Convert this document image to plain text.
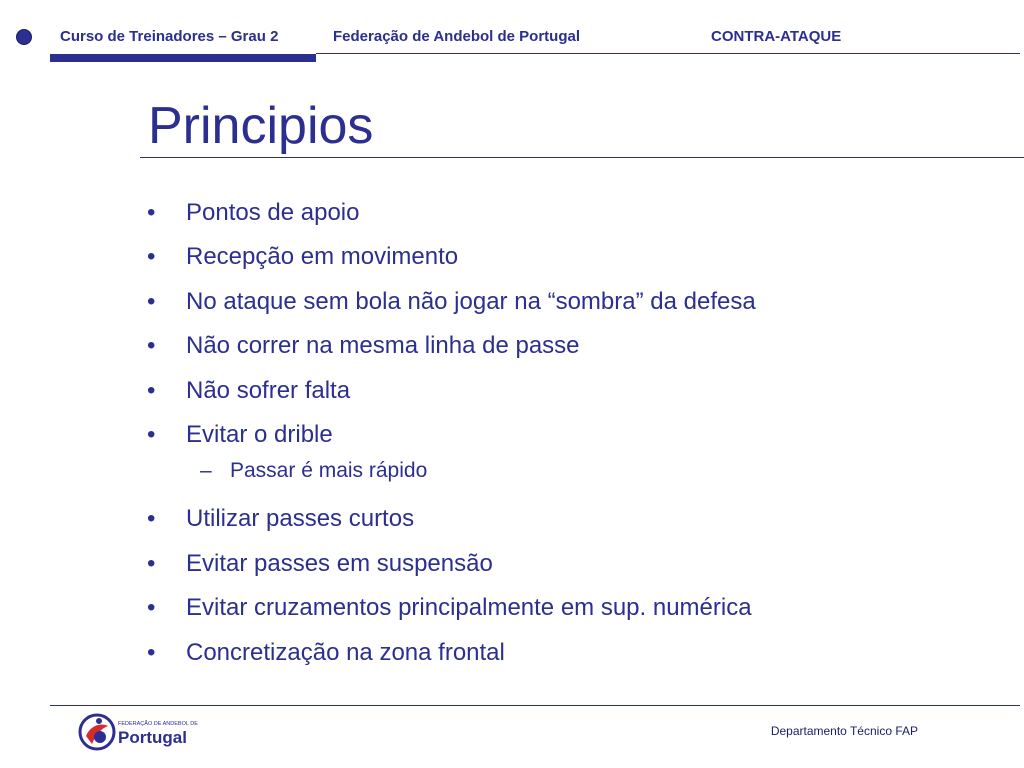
Curso de Treinadores – Grau 2	Federação de Andebol de Portugal	CONTRA-ATAQUE
Principios
• Pontos de apoio
• Recepção em movimento
• No ataque sem bola não jogar na “sombra” da defesa
• Não correr na mesma linha de passe
• Não sofrer falta
• Evitar o drible
– Passar é mais rápido
• Utilizar passes curtos
• Evitar passes em suspensão
• Evitar cruzamentos principalmente em sup. numérica
• Concretização na zona frontal
FEDERAÇÃO DE ANDEBOL DE
Portugal	Departamento Técnico FAP
